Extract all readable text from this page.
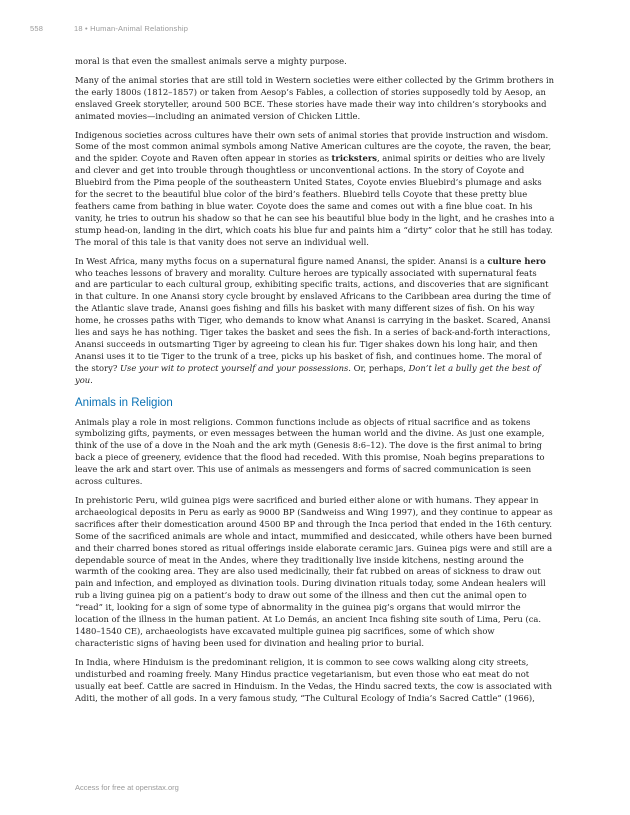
558	18 • Human-Animal Relationship

moral is that even the smallest animals serve a mighty purpose.

Many of the animal stories that are still told in Western societies were either collected by the Grimm brothers in the early 1800s (1812–1857) or taken from Aesop’s Fables, a collection of stories supposedly told by Aesop, an enslaved Greek storyteller, around 500 BCE. These stories have made their way into children’s storybooks and animated movies—including an animated version of Chicken Little.

Indigenous societies across cultures have their own sets of animal stories that provide instruction and wisdom. Some of the most common animal symbols among Native American cultures are the coyote, the raven, the bear, and the spider. Coyote and Raven often appear in stories as tricksters, animal spirits or deities who are lively and clever and get into trouble through thoughtless or unconventional actions. In the story of Coyote and Bluebird from the Pima people of the southeastern United States, Coyote envies Bluebird’s plumage and asks for the secret to the beautiful blue color of the bird’s feathers. Bluebird tells Coyote that these pretty blue feathers came from bathing in blue water. Coyote does the same and comes out with a fine blue coat. In his vanity, he tries to outrun his shadow so that he can see his beautiful blue body in the light, and he crashes into a stump head-on, landing in the dirt, which coats his blue fur and paints him a “dirty” color that he still has today. The moral of this tale is that vanity does not serve an individual well.

In West Africa, many myths focus on a supernatural figure named Anansi, the spider. Anansi is a culture hero who teaches lessons of bravery and morality. Culture heroes are typically associated with supernatural feats and are particular to each cultural group, exhibiting specific traits, actions, and discoveries that are significant in that culture. In one Anansi story cycle brought by enslaved Africans to the Caribbean area during the time of the Atlantic slave trade, Anansi goes fishing and fills his basket with many different sizes of fish. On his way home, he crosses paths with Tiger, who demands to know what Anansi is carrying in the basket. Scared, Anansi lies and says he has nothing. Tiger takes the basket and sees the fish. In a series of back-and-forth interactions, Anansi succeeds in outsmarting Tiger by agreeing to clean his fur. Tiger shakes down his long hair, and then Anansi uses it to tie Tiger to the trunk of a tree, picks up his basket of fish, and continues home. The moral of the story? Use your wit to protect yourself and your possessions. Or, perhaps, Don’t let a bully get the best of you.

Animals in Religion

Animals play a role in most religions. Common functions include as objects of ritual sacrifice and as tokens symbolizing gifts, payments, or even messages between the human world and the divine. As just one example, think of the use of a dove in the Noah and the ark myth (Genesis 8:6–12). The dove is the first animal to bring back a piece of greenery, evidence that the flood had receded. With this promise, Noah begins preparations to leave the ark and start over. This use of animals as messengers and forms of sacred communication is seen across cultures.

In prehistoric Peru, wild guinea pigs were sacrificed and buried either alone or with humans. They appear in archaeological deposits in Peru as early as 9000 BP (Sandweiss and Wing 1997), and they continue to appear as sacrifices after their domestication around 4500 BP and through the Inca period that ended in the 16th century. Some of the sacrificed animals are whole and intact, mummified and desiccated, while others have been burned and their charred bones stored as ritual offerings inside elaborate ceramic jars. Guinea pigs were and still are a dependable source of meat in the Andes, where they traditionally live inside kitchens, nesting around the warmth of the cooking area. They are also used medicinally, their fat rubbed on areas of sickness to draw out pain and infection, and employed as divination tools. During divination rituals today, some Andean healers will rub a living guinea pig on a patient’s body to draw out some of the illness and then cut the animal open to “read” it, looking for a sign of some type of abnormality in the guinea pig’s organs that would mirror the location of the illness in the human patient. At Lo Demás, an ancient Inca fishing site south of Lima, Peru (ca. 1480–1540 CE), archaeologists have excavated multiple guinea pig sacrifices, some of which show characteristic signs of having been used for divination and healing prior to burial.

In India, where Hinduism is the predominant religion, it is common to see cows walking along city streets, undisturbed and roaming freely. Many Hindus practice vegetarianism, but even those who eat meat do not usually eat beef. Cattle are sacred in Hinduism. In the Vedas, the Hindu sacred texts, the cow is associated with Aditi, the mother of all gods. In a very famous study, “The Cultural Ecology of India’s Sacred Cattle” (1966),

Access for free at openstax.org
